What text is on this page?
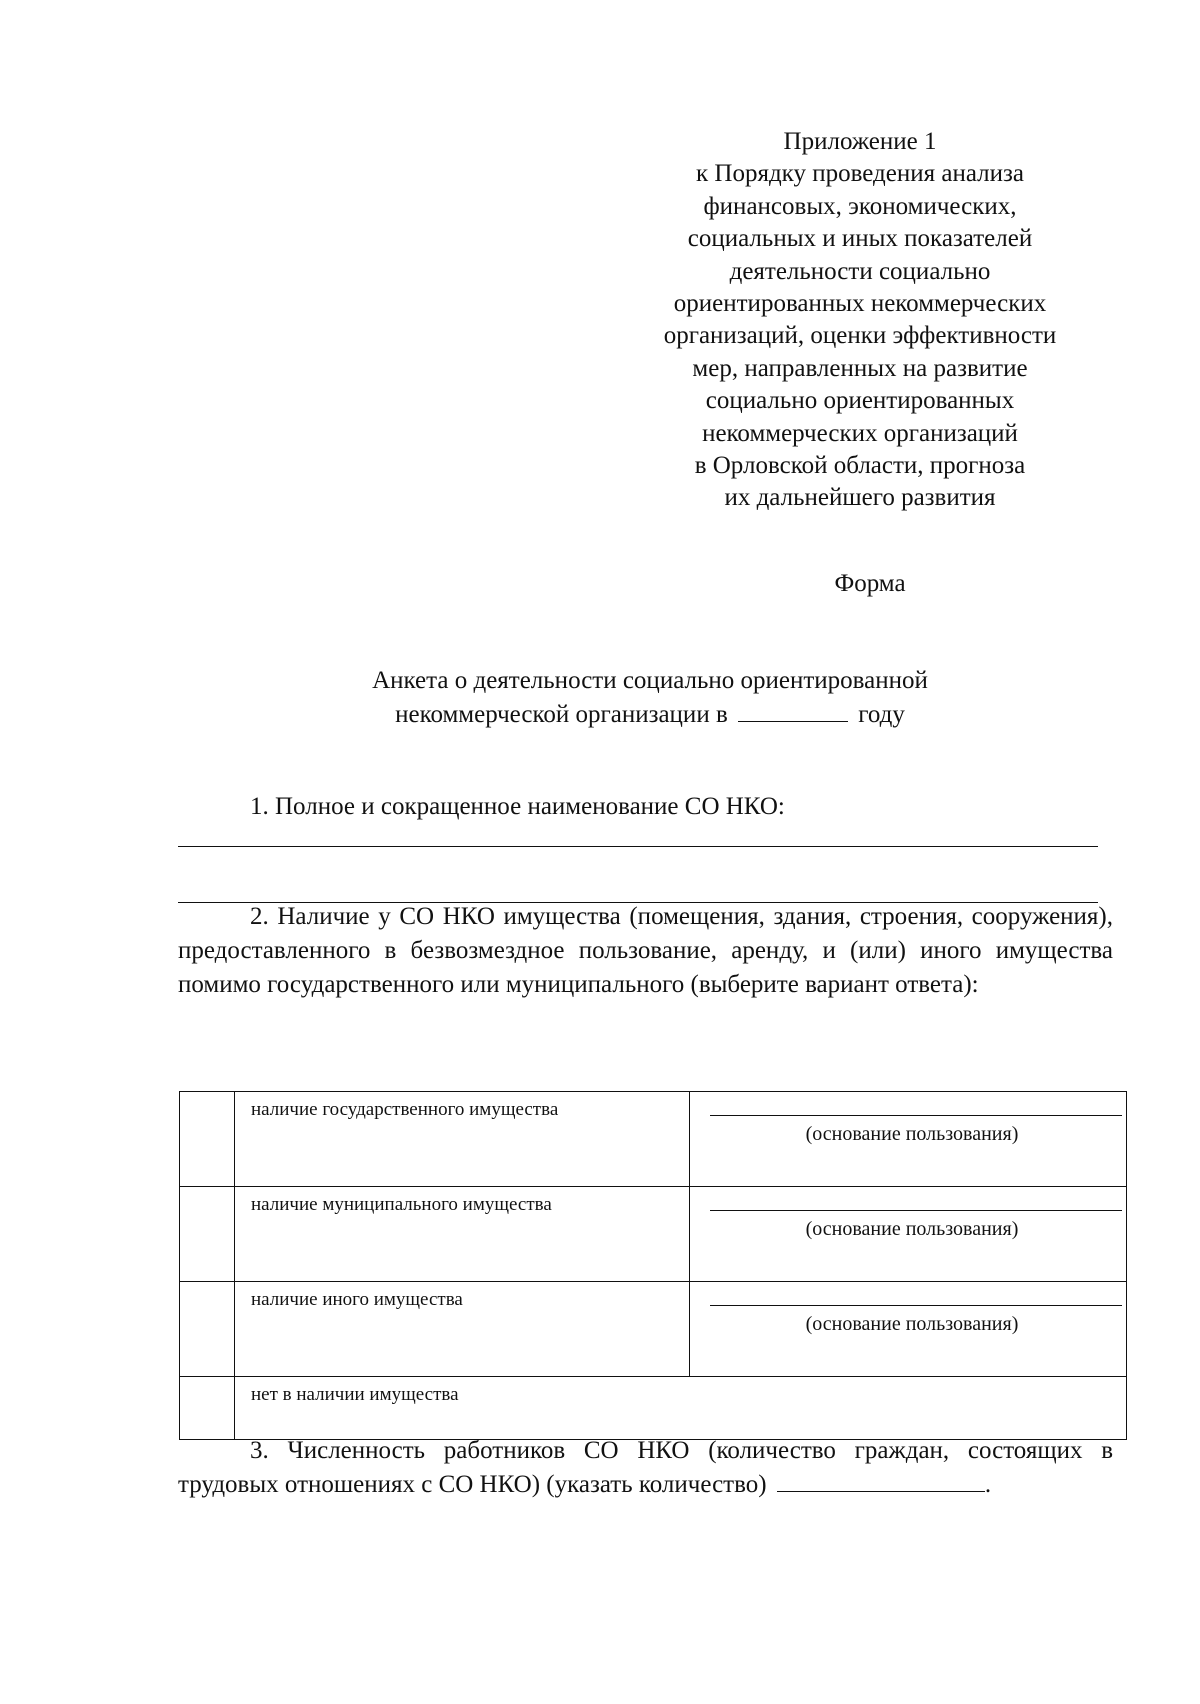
Приложение 1
к Порядку проведения анализа
финансовых, экономических,
социальных и иных показателей
деятельности социально
ориентированных некоммерческих
организаций, оценки эффективности
мер, направленных на развитие
социально ориентированных
некоммерческих организаций
в Орловской области, прогноза
их дальнейшего развития
Форма
Анкета о деятельности социально ориентированной
некоммерческой организации в	году
1. Полное и сокращенное наименование СО НКО:
2. Наличие у СО НКО имущества (помещения, здания, строения, сооружения), предоставленного в безвозмездное пользование, аренду, и (или) иного имущества помимо государственного или муниципального (выберите вариант ответа):
	наличие государственного имущества	(основание пользования)

	наличие муниципального имущества	(основание пользования)

	наличие иного имущества	(основание пользования)

	нет в наличии имущества	
3. Численность работников СО НКО (количество граждан, состоящих в трудовых отношениях с СО НКО) (указать количество)	.
